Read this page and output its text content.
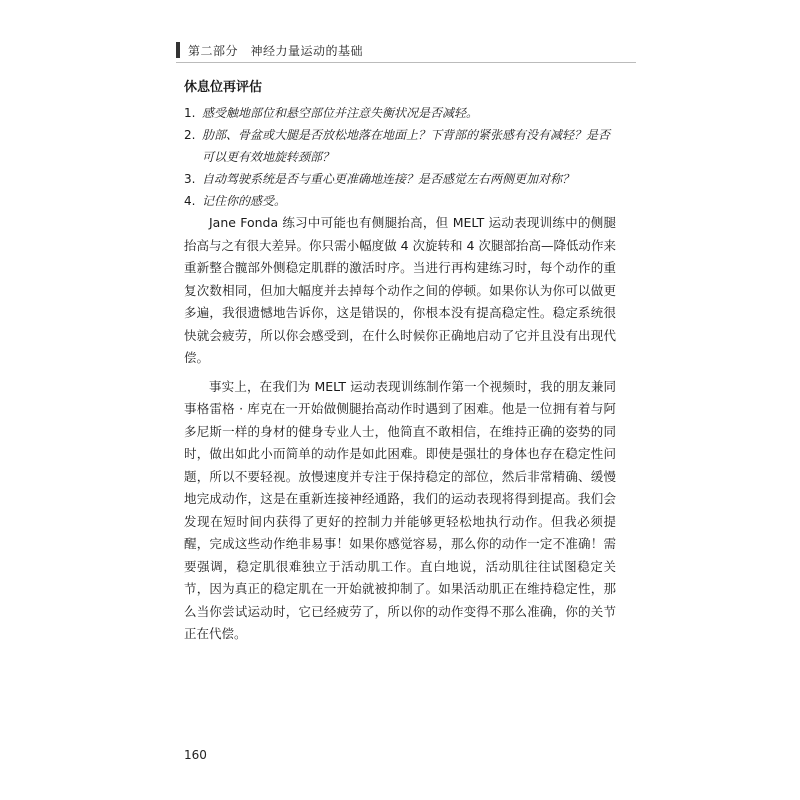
第二部分　神经力量运动的基础
休息位再评估
1. 感受触地部位和悬空部位并注意失衡状况是否减轻。
2. 肋部、骨盆或大腿是否放松地落在地面上？下背部的紧张感有没有减轻？是否可以更有效地旋转颈部？
3. 自动驾驶系统是否与重心更准确地连接？是否感觉左右两侧更加对称？
4. 记住你的感受。

Jane Fonda 练习中可能也有侧腿抬高，但 MELT 运动表现训练中的侧腿抬高与之有很大差异。你只需小幅度做 4 次旋转和 4 次腿部抬高—降低动作来重新整合髋部外侧稳定肌群的激活时序。当进行再构建练习时，每个动作的重复次数相同，但加大幅度并去掉每个动作之间的停顿。如果你认为你可以做更多遍，我很遗憾地告诉你，这是错误的，你根本没有提高稳定性。稳定系统很快就会疲劳，所以你会感受到，在什么时候你正确地启动了它并且没有出现代偿。

事实上，在我们为 MELT 运动表现训练制作第一个视频时，我的朋友兼同事格雷格 · 库克在一开始做侧腿抬高动作时遇到了困难。他是一位拥有着与阿多尼斯一样的身材的健身专业人士，他简直不敢相信，在维持正确的姿势的同时，做出如此小而简单的动作是如此困难。即使是强壮的身体也存在稳定性问题，所以不要轻视。放慢速度并专注于保持稳定的部位，然后非常精确、缓慢地完成动作，这是在重新连接神经通路，我们的运动表现将得到提高。我们会发现在短时间内获得了更好的控制力并能够更轻松地执行动作。但我必须提醒，完成这些动作绝非易事！如果你感觉容易，那么你的动作一定不准确！需要强调，稳定肌很难独立于活动肌工作。直白地说，活动肌往往试图稳定关节，因为真正的稳定肌在一开始就被抑制了。如果活动肌正在维持稳定性，那么当你尝试运动时，它已经疲劳了，所以你的动作变得不那么准确，你的关节正在代偿。

160
